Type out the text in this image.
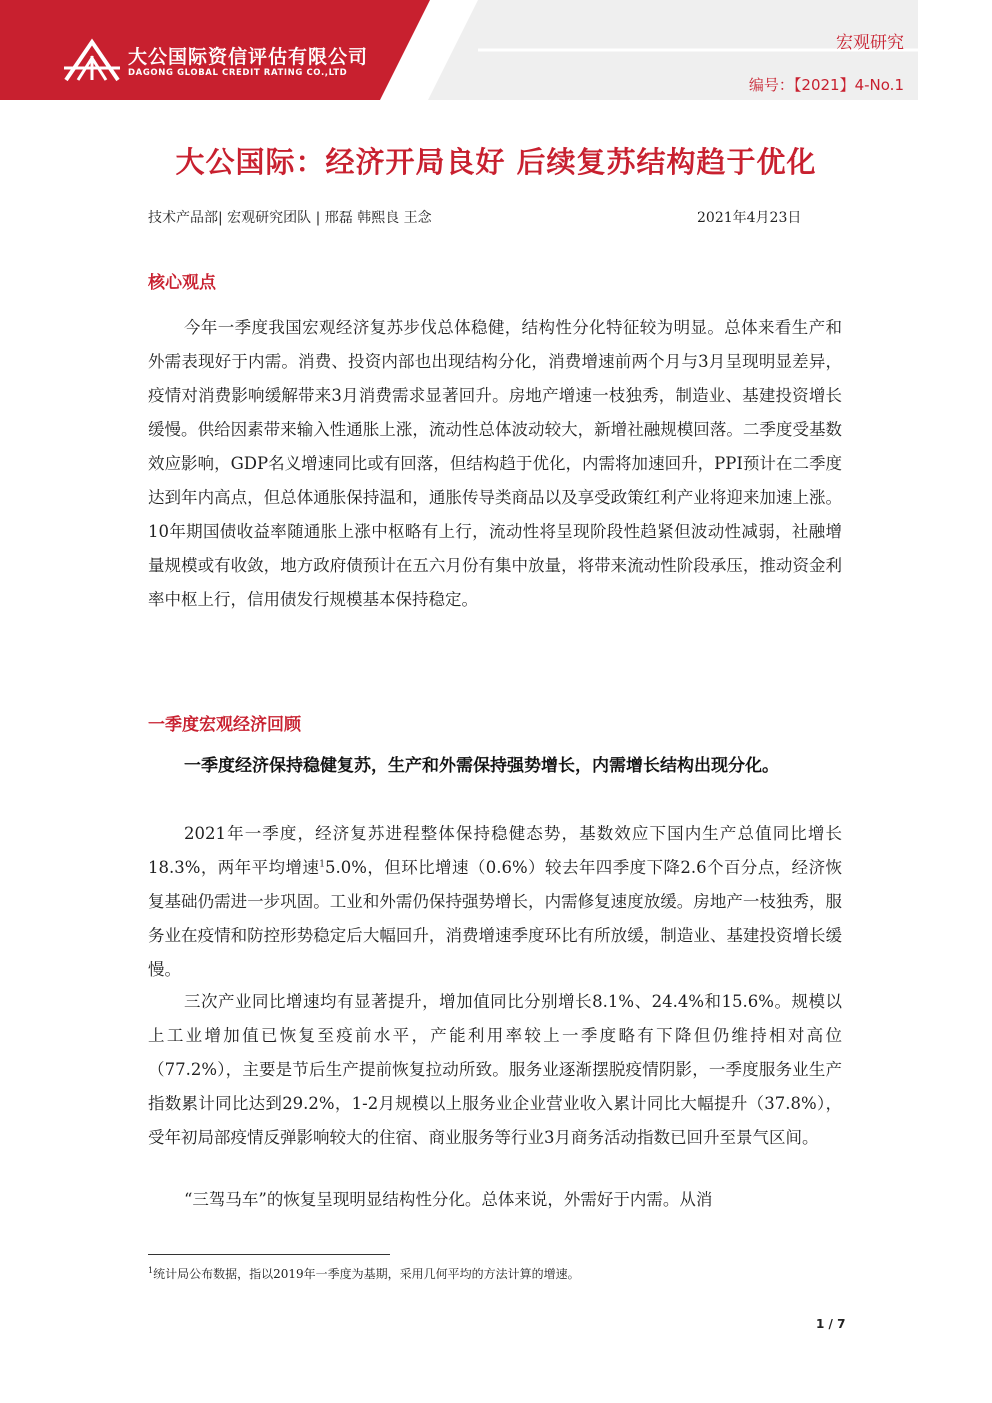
大公国际资信评估有限公司
DAGONG GLOBAL CREDIT RATING CO.,LTD
宏观研究
编号：【2021】4-No.1
大公国际：经济开局良好 后续复苏结构趋于优化
技术产品部| 宏观研究团队 | 邢磊 韩熙良 王念	2021年4月23日
核心观点

今年一季度我国宏观经济复苏步伐总体稳健，结构性分化特征较为明显。总体来看生产和外需表现好于内需。消费、投资内部也出现结构分化，消费增速前两个月与3月呈现明显差异，疫情对消费影响缓解带来3月消费需求显著回升。房地产增速一枝独秀，制造业、基建投资增长缓慢。供给因素带来输入性通胀上涨，流动性总体波动较大，新增社融规模回落。二季度受基数效应影响，GDP名义增速同比或有回落，但结构趋于优化，内需将加速回升，PPI预计在二季度达到年内高点，但总体通胀保持温和，通胀传导类商品以及享受政策红利产业将迎来加速上涨。10年期国债收益率随通胀上涨中枢略有上行，流动性将呈现阶段性趋紧但波动性减弱，社融增量规模或有收敛，地方政府债预计在五六月份有集中放量，将带来流动性阶段承压，推动资金利率中枢上行，信用债发行规模基本保持稳定。

一季度宏观经济回顾

一季度经济保持稳健复苏，生产和外需保持强势增长，内需增长结构出现分化。

2021年一季度，经济复苏进程整体保持稳健态势，基数效应下国内生产总值同比增长18.3%，两年平均增速$^1$5.0%，但环比增速（0.6%）较去年四季度下降2.6个百分点，经济恢复基础仍需进一步巩固。工业和外需仍保持强势增长，内需修复速度放缓。房地产一枝独秀，服务业在疫情和防控形势稳定后大幅回升，消费增速季度环比有所放缓，制造业、基建投资增长缓慢。

三次产业同比增速均有显著提升，增加值同比分别增长8.1%、24.4%和15.6%。规模以上工业增加值已恢复至疫前水平，产能利用率较上一季度略有下降但仍维持相对高位（77.2%），主要是节后生产提前恢复拉动所致。服务业逐渐摆脱疫情阴影，一季度服务业生产指数累计同比达到29.2%，1-2月规模以上服务业企业营业收入累计同比大幅提升（37.8%），受年初局部疫情反弹影响较大的住宿、商业服务等行业3月商务活动指数已回升至景气区间。

“三驾马车”的恢复呈现明显结构性分化。总体来说，外需好于内需。从消

$^1$统计局公布数据，指以2019年一季度为基期，采用几何平均的方法计算的增速。
1 / 7
